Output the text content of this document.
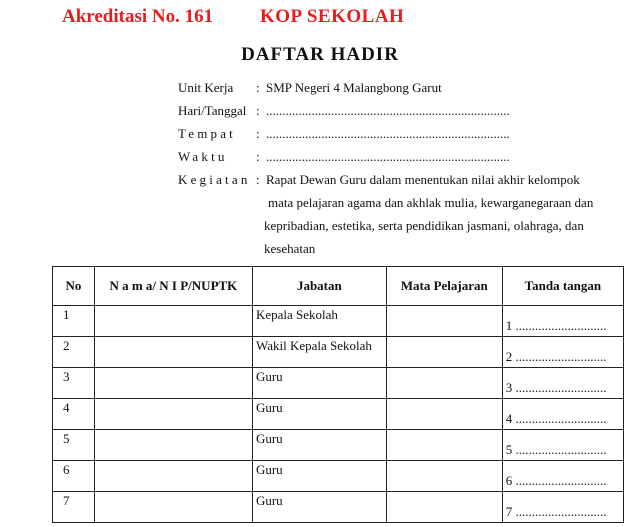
Akreditasi No. 161 KOP SEKOLAH
DAFTAR HADIR
Unit Kerja : SMP Negeri 4 Malangbong Garut
Hari/Tanggal : ...........................................................................
Tempat : ...........................................................................
Waktu : ...........................................................................
Kegiatan : Rapat Dewan Guru dalam menentukan nilai akhir kelompok
mata pelajaran agama dan akhlak mulia, kewarganegaraan dan
kepribadian, estetika, serta pendidikan jasmani, olahraga, dan
kesehatan
No	N a m a/ N I P/NUPTK	Jabatan	Mata Pelajaran	Tanda tangan

1		Kepala Sekolah		1 ............................

2		Wakil Kepala Sekolah		2 ............................

3		Guru		3 ............................

4		Guru		4 ............................

5		Guru		5 ............................

6		Guru		6 ............................

7		Guru		7 ............................
